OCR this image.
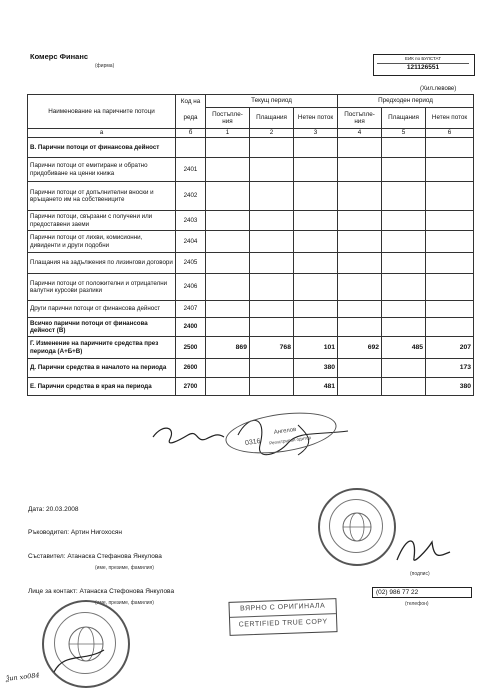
Комерс Финанс
(фирма)
ЕИК по БУЛСТАТ
121126551
(Хил.левове)
Наименование на паричните потоци	Код на	Текущ период			Предходен период		
	реда	Постъпле-ния	Плащания	Нетен поток	Постъпле-ния	Плащания	Нетен поток
а	б	1	2	3	4	5	6
В. Парични потоци от финансова дейност							
Парични потоци от емитиране и обратно придобиване на ценни книжа	2401						
Парични потоци от допълнителни вноски и връщането им на собствениците	2402						
Парични потоци, свързани с получени или предоставени заеми	2403						
Парични потоци от лихви, комисионни, дивиденти и други подобни	2404						
Плащания на задължения по лизингови договори	2405						
Парични потоци от положителни и отрицателни валутни курсови разлики	2406						
Други парични потоци от финансова дейност	2407						
Всичко парични потоци от финансова дейност (В)	2400						
Г. Изменение на паричните средства през периода (А+Б+В)	2500	869	768	101	692	485	207
Д. Парични средства в началото на периода	2600			380			173
Е. Парични средства в края на периода	2700			481			380
0316
Ангелов
Регистриран одитор
Дата: 20.03.2008
Ръководител: Артин Нигохосян
Съставител: Атанаска Стефанова Янкулова
(име, презиме, фамилия)
(подпис)
Лице за контакт: Атанаска Стефонова Янкулова
(име, презиме, фамилия)
(02) 986 77 22
(телефон)
ВЯРНО С ОРИГИНАЛА
CERTIFIED TRUE COPY
Ѯип xo084
